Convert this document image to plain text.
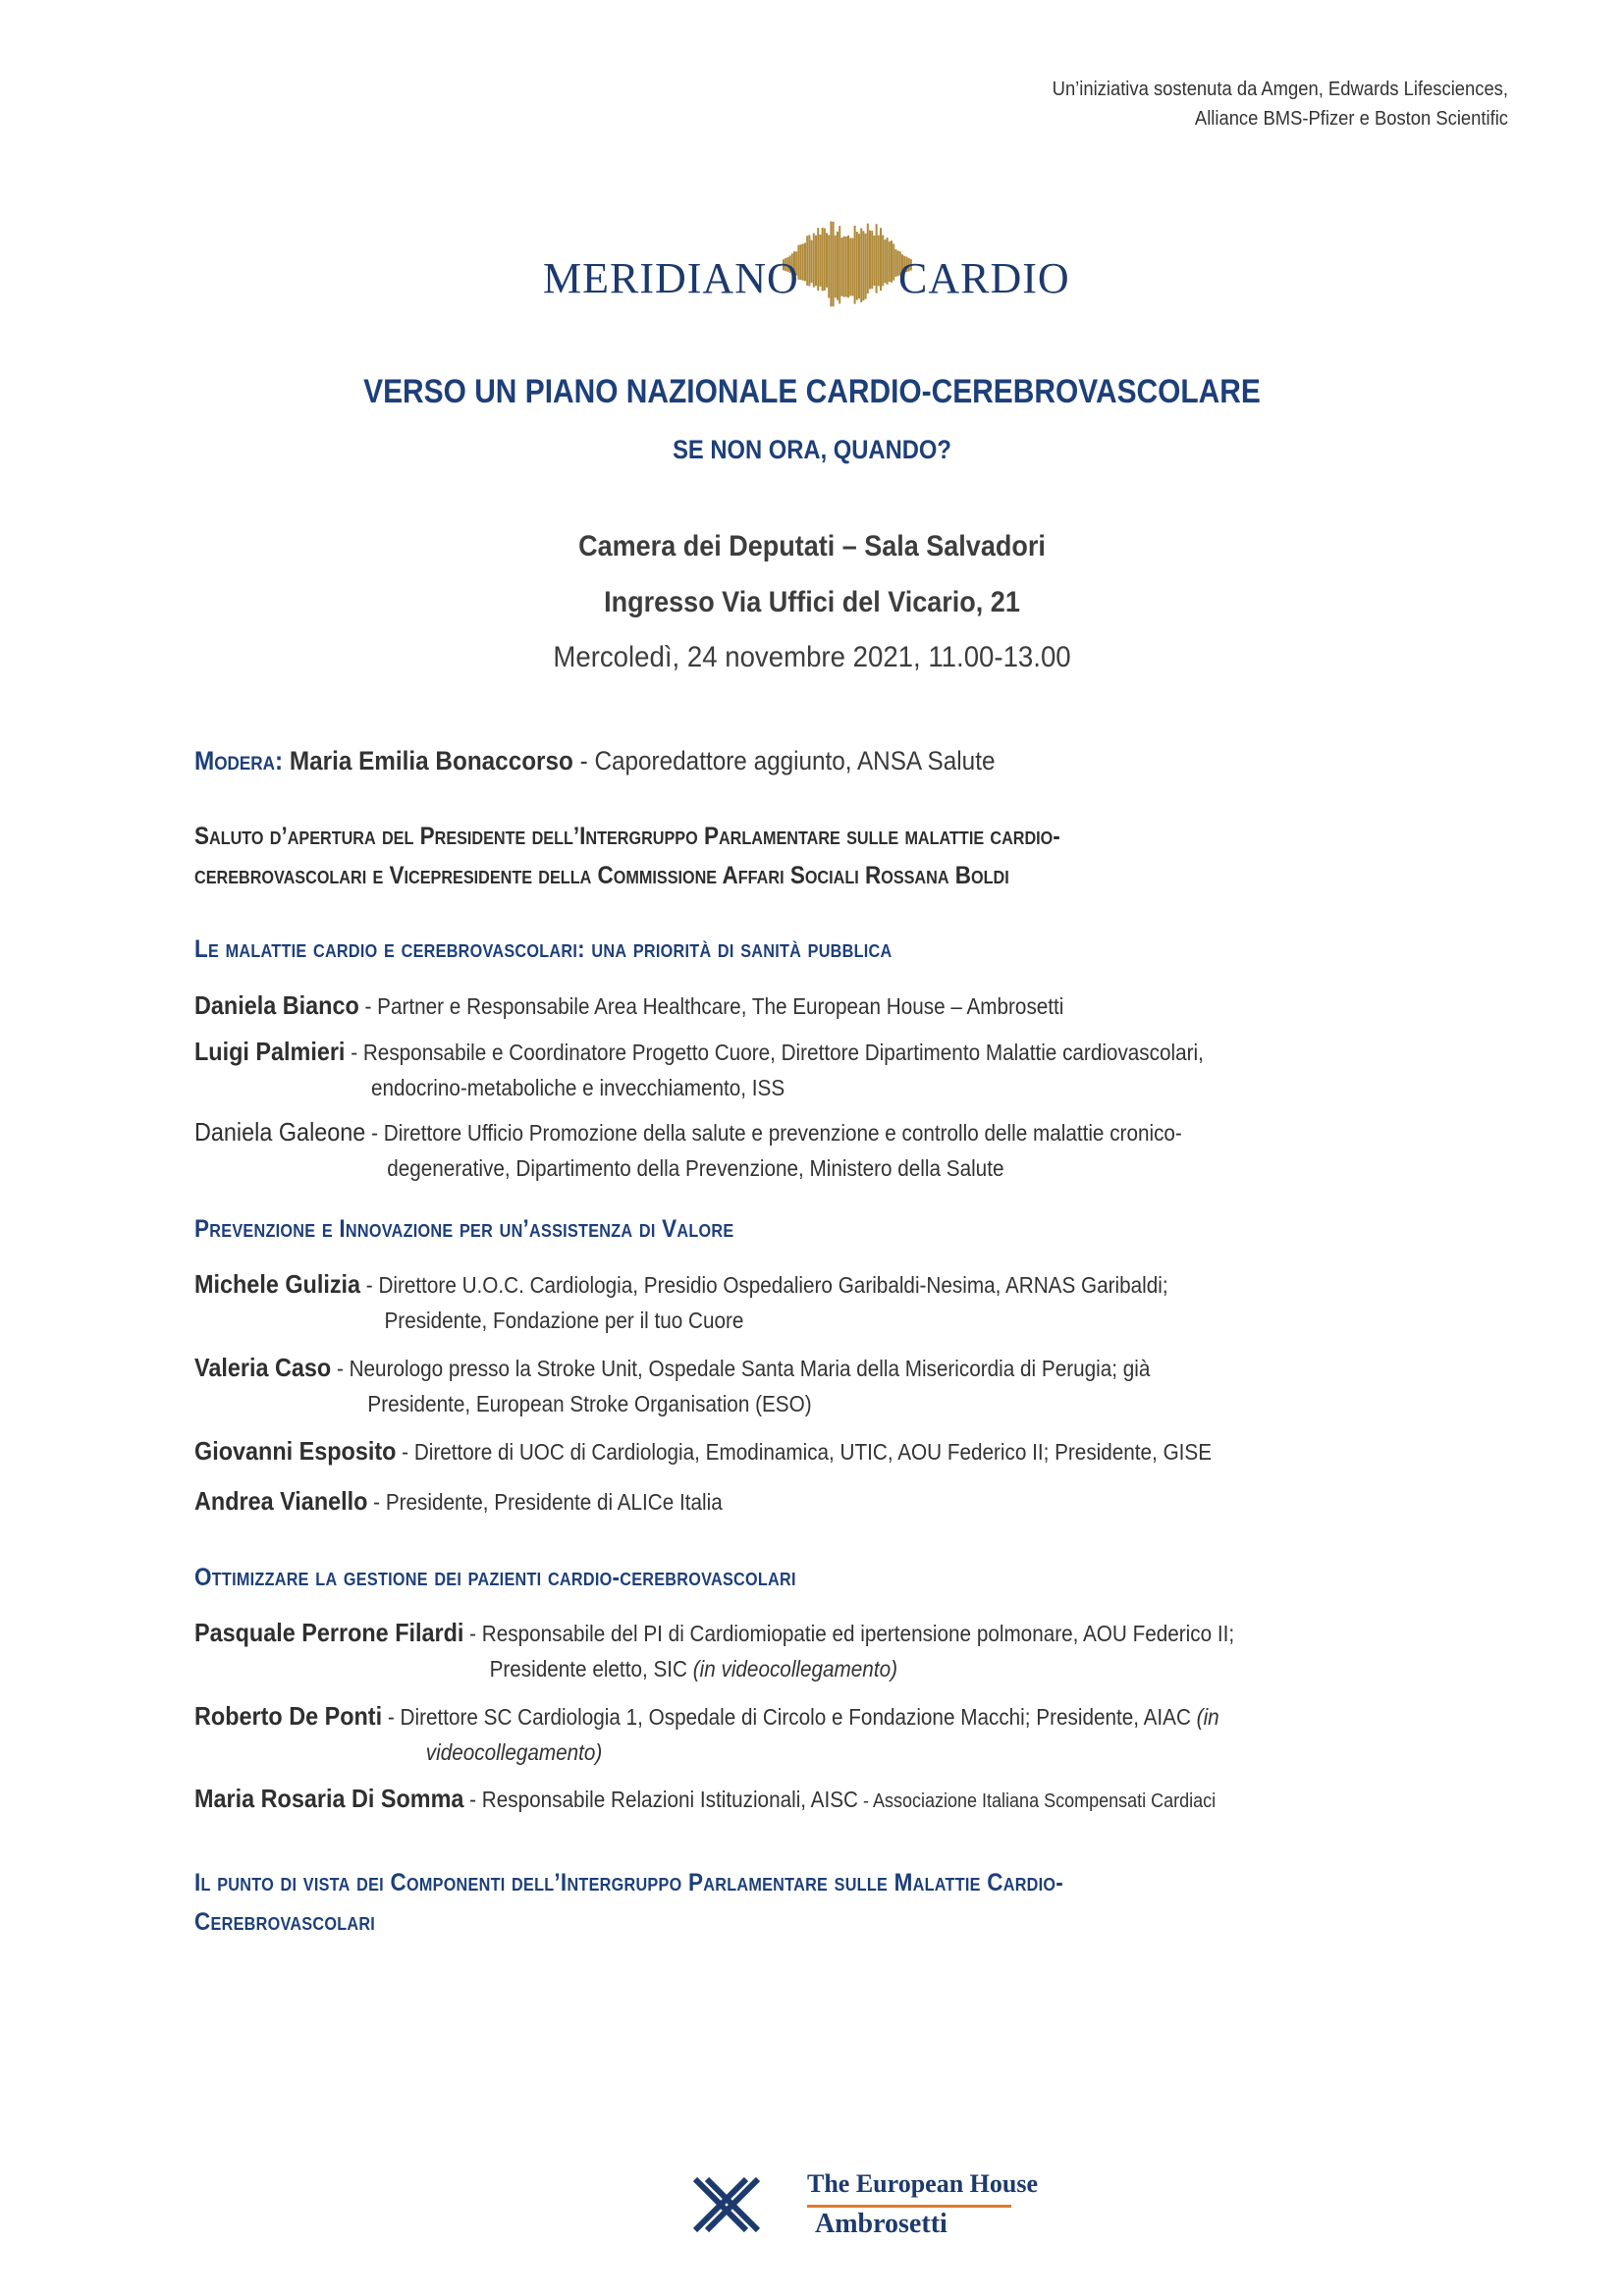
Un’iniziativa sostenuta da Amgen, Edwards Lifesciences,
Alliance BMS-Pfizer e Boston Scientific
MERIDIANO CARDIO
VERSO UN PIANO NAZIONALE CARDIO-CEREBROVASCOLARE
SE NON ORA, QUANDO?
Camera dei Deputati – Sala Salvadori
Ingresso Via Uffici del Vicario, 21
Mercoledì, 24 novembre 2021, 11.00-13.00
Modera: Maria Emilia Bonaccorso - Caporedattore aggiunto, ANSA Salute
Saluto d’apertura del Presidente dell’Intergruppo Parlamentare sulle malattie cardio-
cerebrovascolari e Vicepresidente della Commissione Affari Sociali Rossana Boldi
Le malattie cardio e cerebrovascolari: una priorità di sanità pubblica
Daniela Bianco - Partner e Responsabile Area Healthcare, The European House – Ambrosetti
Luigi Palmieri - Responsabile e Coordinatore Progetto Cuore, Direttore Dipartimento Malattie cardiovascolari,
endocrino-metaboliche e invecchiamento, ISS
Daniela Galeone - Direttore Ufficio Promozione della salute e prevenzione e controllo delle malattie cronico-
degenerative, Dipartimento della Prevenzione, Ministero della Salute
Prevenzione e Innovazione per un’assistenza di Valore
Michele Gulizia - Direttore U.O.C. Cardiologia, Presidio Ospedaliero Garibaldi-Nesima, ARNAS Garibaldi;
Presidente, Fondazione per il tuo Cuore
Valeria Caso - Neurologo presso la Stroke Unit, Ospedale Santa Maria della Misericordia di Perugia; già
Presidente, European Stroke Organisation (ESO)
Giovanni Esposito - Direttore di UOC di Cardiologia, Emodinamica, UTIC, AOU Federico II; Presidente, GISE
Andrea Vianello - Presidente, Presidente di ALICe Italia
Ottimizzare la gestione dei pazienti cardio-cerebrovascolari
Pasquale Perrone Filardi - Responsabile del PI di Cardiomiopatie ed ipertensione polmonare, AOU Federico II;
Presidente eletto, SIC (in videocollegamento)
Roberto De Ponti - Direttore SC Cardiologia 1, Ospedale di Circolo e Fondazione Macchi; Presidente, AIAC (in
videocollegamento)
Maria Rosaria Di Somma - Responsabile Relazioni Istituzionali, AISC - Associazione Italiana Scompensati Cardiaci
Il punto di vista dei Componenti dell’Intergruppo Parlamentare sulle Malattie Cardio-
Cerebrovascolari
The European House
Ambrosetti
